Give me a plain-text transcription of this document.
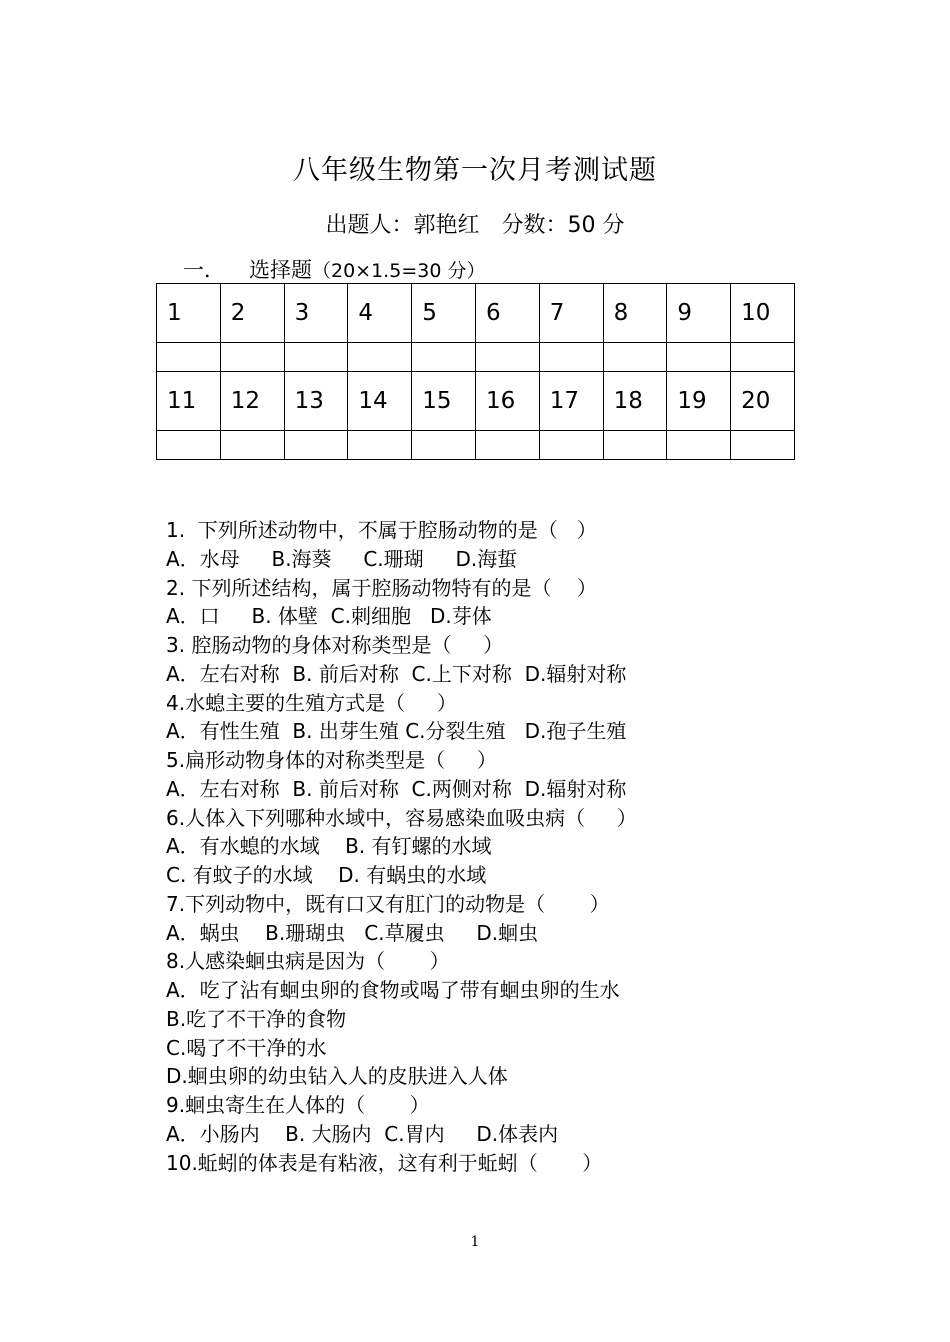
八年级生物第一次月考测试题
出题人：郭艳红　分数：50 分
一． 选择题（20×1.5=30 分）
1	2	3	4	5	6	7	8	9	10

11	12	13	14	15	16	17	18	19	20

1.  下列所述动物中，不属于腔肠动物的是（   ）
A．水母     B.海葵     C.珊瑚     D.海蜇
2. 下列所述结构，属于腔肠动物特有的是（    ）
A．口     B. 体壁  C.刺细胞   D.芽体
3. 腔肠动物的身体对称类型是（     ）
A．左右对称  B. 前后对称  C.上下对称  D.辐射对称
4.水螅主要的生殖方式是（     ）
A．有性生殖  B. 出芽生殖 C.分裂生殖   D.孢子生殖
5.扁形动物身体的对称类型是（     ）
A．左右对称  B. 前后对称  C.两侧对称  D.辐射对称
6.人体入下列哪种水域中，容易感染血吸虫病（     ）
A．有水螅的水域    B. 有钉螺的水域
C. 有蚊子的水域    D. 有蜗虫的水域
7.下列动物中，既有口又有肛门的动物是（       ）
A．蜗虫    B.珊瑚虫   C.草履虫     D.蛔虫
8.人感染蛔虫病是因为（       ）
A．吃了沾有蛔虫卵的食物或喝了带有蛔虫卵的生水
B.吃了不干净的食物
C.喝了不干净的水
D.蛔虫卵的幼虫钻入人的皮肤进入人体
9.蛔虫寄生在人体的（       ）
A．小肠内    B. 大肠内  C.胃内     D.体表内
10.蚯蚓的体表是有粘液，这有利于蚯蚓（       ）
1
